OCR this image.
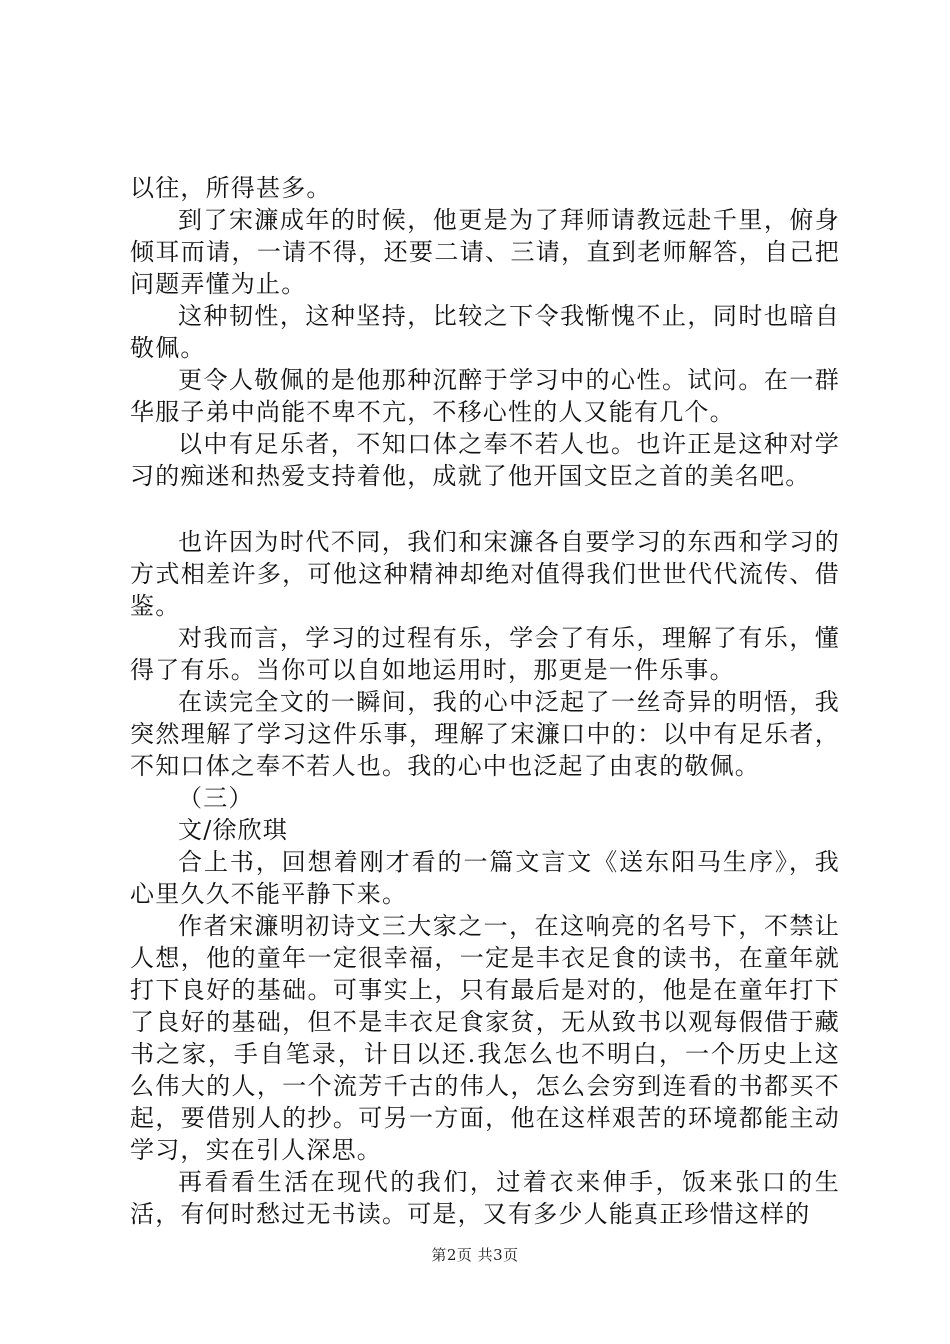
以往，所得甚多。

到了宋濂成年的时候，他更是为了拜师请教远赴千里，俯身倾耳而请，一请不得，还要二请、三请，直到老师解答，自己把问题弄懂为止。

这种韧性，这种坚持，比较之下令我惭愧不止，同时也暗自敬佩。

更令人敬佩的是他那种沉醉于学习中的心性。试问。在一群华服子弟中尚能不卑不亢，不移心性的人又能有几个。

以中有足乐者，不知口体之奉不若人也。也许正是这种对学习的痴迷和热爱支持着他，成就了他开国文臣之首的美名吧。

也许因为时代不同，我们和宋濂各自要学习的东西和学习的方式相差许多，可他这种精神却绝对值得我们世世代代流传、借鉴。

对我而言，学习的过程有乐，学会了有乐，理解了有乐，懂得了有乐。当你可以自如地运用时，那更是一件乐事。

在读完全文的一瞬间，我的心中泛起了一丝奇异的明悟，我突然理解了学习这件乐事，理解了宋濂口中的：以中有足乐者，不知口体之奉不若人也。我的心中也泛起了由衷的敬佩。

（三）

文/徐欣琪

合上书，回想着刚才看的一篇文言文《送东阳马生序》，我心里久久不能平静下来。

作者宋濂明初诗文三大家之一，在这响亮的名号下，不禁让人想，他的童年一定很幸福，一定是丰衣足食的读书，在童年就打下良好的基础。可事实上，只有最后是对的，他是在童年打下了良好的基础，但不是丰衣足食家贫，无从致书以观每假借于藏书之家，手自笔录，计日以还.我怎么也不明白，一个历史上这么伟大的人，一个流芳千古的伟人，怎么会穷到连看的书都买不起，要借别人的抄。可另一方面，他在这样艰苦的环境都能主动学习，实在引人深思。

再看看生活在现代的我们，过着衣来伸手，饭来张口的生活，有何时愁过无书读。可是，又有多少人能真正珍惜这样的

第2页 共3页
